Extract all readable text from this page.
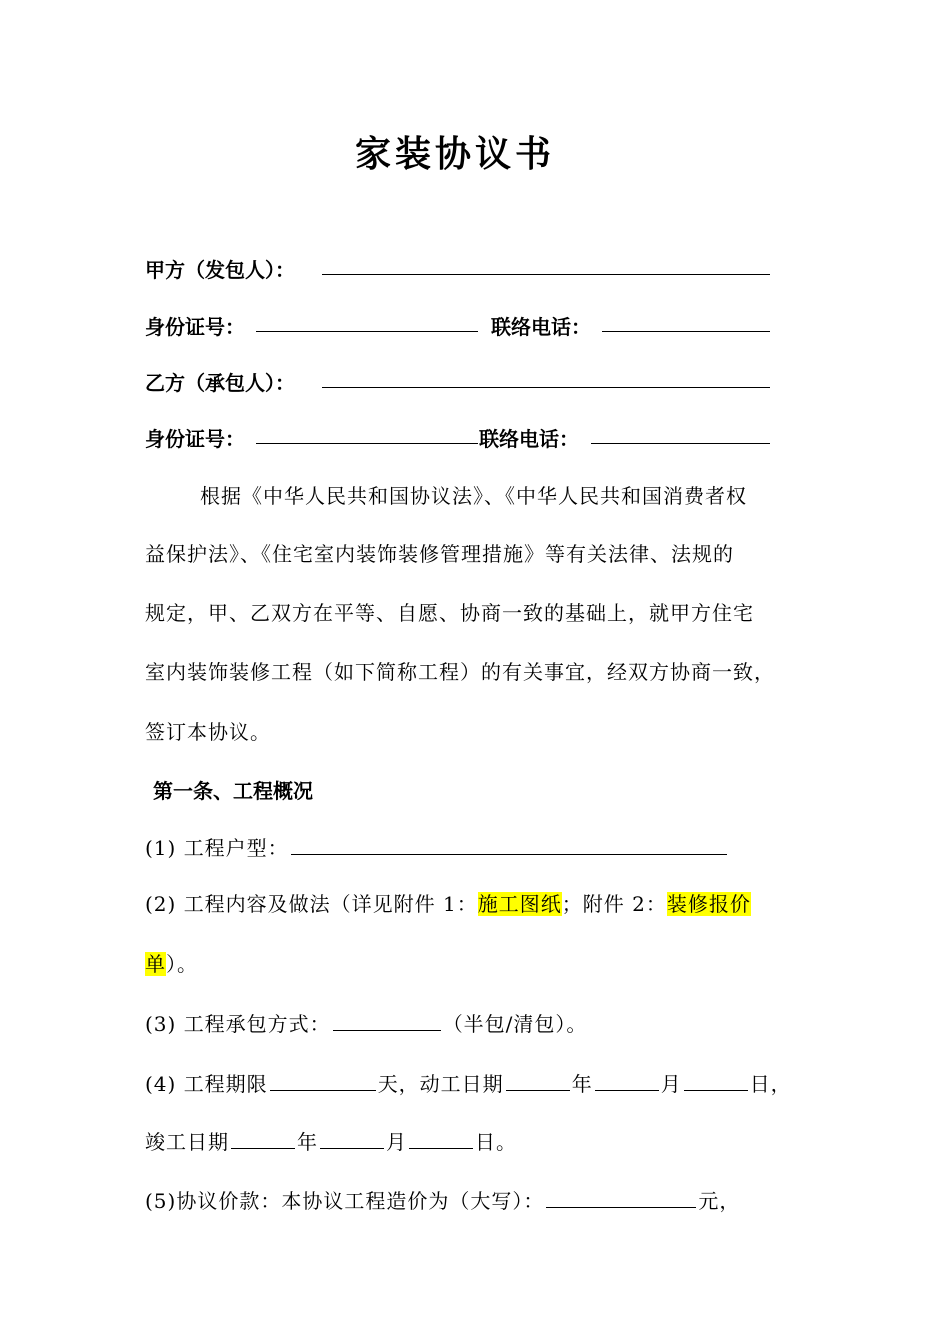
家装协议书
甲方（发包人）：
身份证号：	联络电话：
乙方（承包人）：
身份证号：	联络电话：
根据《中华人民共和国协议法》、《中华人民共和国消费者权
益保护法》、《住宅室内装饰装修管理措施》等有关法律、法规的
规定，甲、乙双方在平等、自愿、协商一致的基础上，就甲方住宅
室内装饰装修工程（如下简称工程）的有关事宜，经双方协商一致，
签订本协议。
第一条、工程概况
(1) 工程户型：
(2) 工程内容及做法（详见附件 1：施工图纸；附件 2：装修报价
单）。
(3) 工程承包方式：	（半包/清包）。
(4) 工程期限	天，动工日期	年	月	日，
竣工日期	年	月	日。
(5)协议价款：本协议工程造价为（大写）：	元，
